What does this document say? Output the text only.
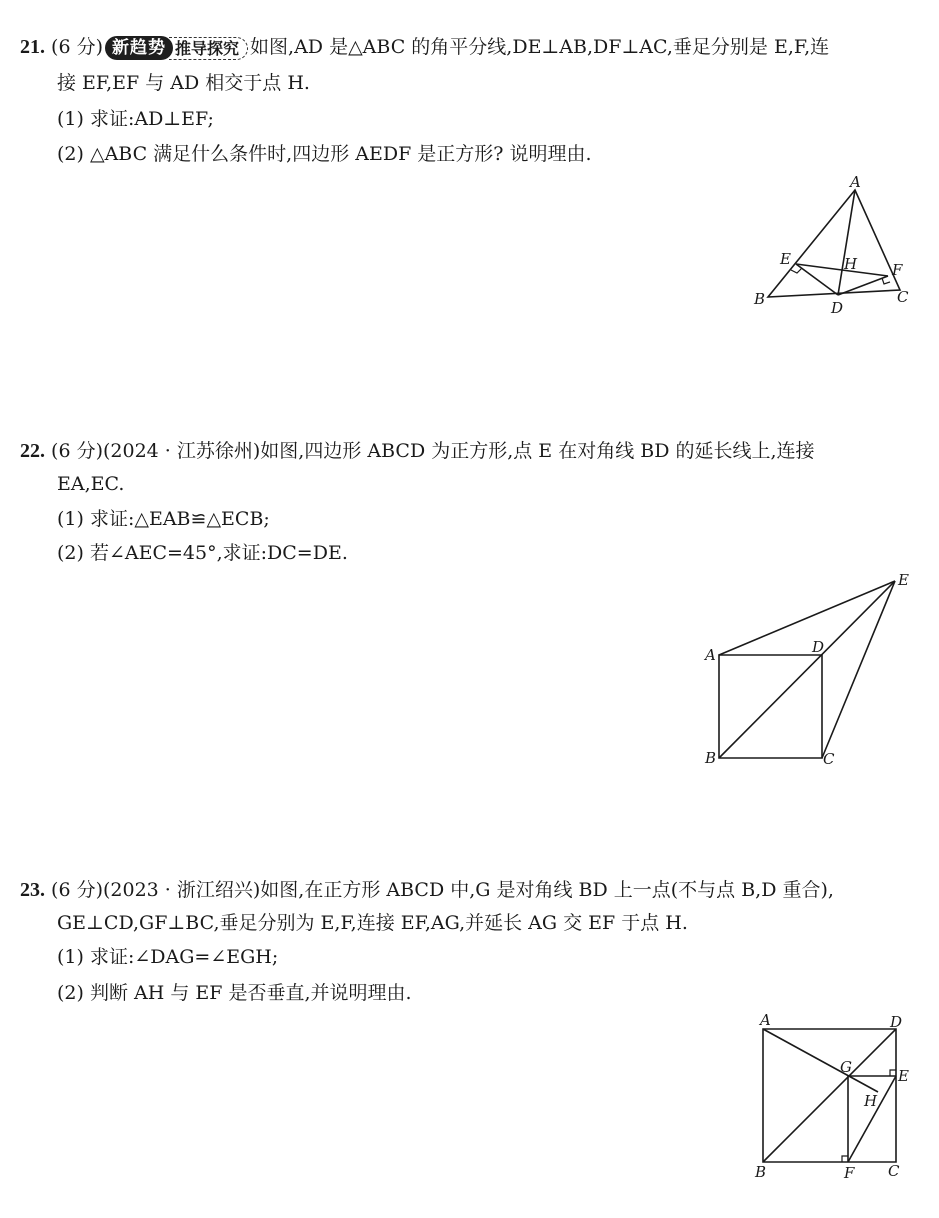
21. (6 分) 新趋势 推导探究 如图,AD 是△ABC 的角平分线,DE⊥AB,DF⊥AC,垂足分别是 E,F,连
接 EF,EF 与 AD 相交于点 H.
(1) 求证:AD⊥EF;
(2) △ABC 满足什么条件时,四边形 AEDF 是正方形? 说明理由.
A
E	H F
B	D
C
22. (6 分)(2024 · 江苏徐州)如图,四边形 ABCD 为正方形,点 E 在对角线 BD 的延长线上,连接
EA,EC.
(1) 求证:△EAB≌△ECB;
(2) 若∠AEC=45°,求证:DC=DE.
E
A	D
B	C
23. (6 分)(2023 · 浙江绍兴)如图,在正方形 ABCD 中,G 是对角线 BD 上一点(不与点 B,D 重合),
GE⊥CD,GF⊥BC,垂足分别为 E,F,连接 EF,AG,并延长 AG 交 EF 于点 H.
(1) 求证:∠DAG=∠EGH;
(2) 判断 AH 与 EF 是否垂直,并说明理由.
A	D
G	E
H
B	F C
